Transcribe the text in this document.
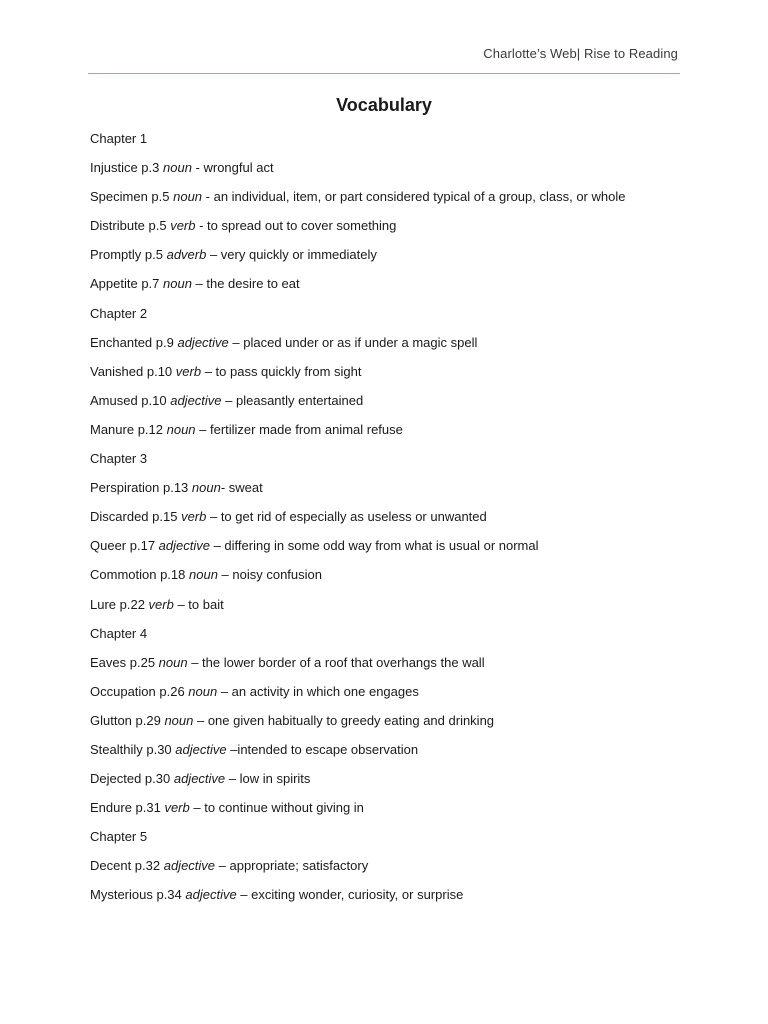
Charlotte’s Web| Rise to Reading
Vocabulary
Chapter 1
Injustice p.3 noun - wrongful act
Specimen p.5 noun - an individual, item, or part considered typical of a group, class, or whole
Distribute p.5 verb - to spread out to cover something
Promptly p.5 adverb – very quickly or immediately
Appetite p.7 noun – the desire to eat
Chapter 2
Enchanted p.9 adjective – placed under or as if under a magic spell
Vanished p.10 verb – to pass quickly from sight
Amused p.10 adjective – pleasantly entertained
Manure p.12 noun – fertilizer made from animal refuse
Chapter 3
Perspiration p.13 noun- sweat
Discarded p.15 verb – to get rid of especially as useless or unwanted
Queer p.17 adjective – differing in some odd way from what is usual or normal
Commotion p.18 noun – noisy confusion
Lure p.22 verb – to bait
Chapter 4
Eaves p.25 noun – the lower border of a roof that overhangs the wall
Occupation p.26 noun – an activity in which one engages
Glutton p.29 noun – one given habitually to greedy eating and drinking
Stealthily p.30 adjective –intended to escape observation
Dejected p.30 adjective – low in spirits
Endure p.31 verb – to continue without giving in
Chapter 5
Decent p.32 adjective – appropriate; satisfactory
Mysterious p.34 adjective – exciting wonder, curiosity, or surprise
